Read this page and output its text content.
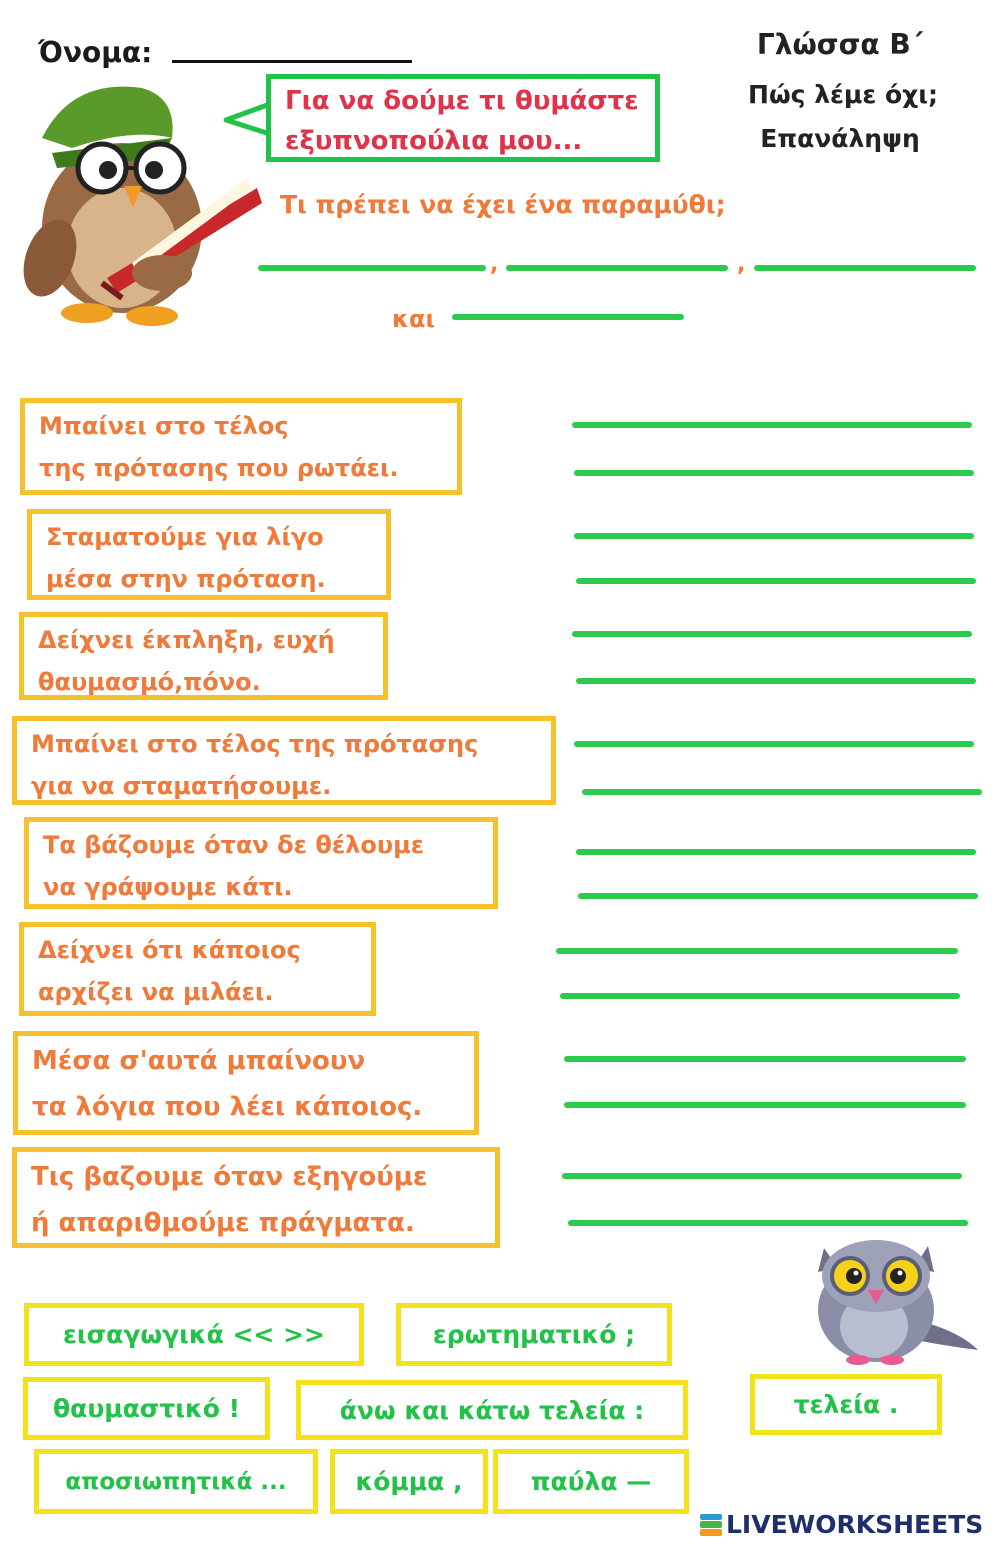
Όνομα:	Γλώσσα Β΄
Πώς λέμε όχι;
Επανάληψη
Για να δούμε τι θυμάστε
εξυπνοπούλια μου...
Τι πρέπει να έχει ένα παραμύθι;
,	,
και
Μπαίνει στο τέλος
της πρότασης που ρωτάει.
Σταματούμε για λίγο
μέσα στην πρόταση.
Δείχνει έκπληξη, ευχή
θαυμασμό,πόνο.
Μπαίνει στο τέλος της πρότασης
για να σταματήσουμε.
Τα βάζουμε όταν δε θέλουμε
να γράψουμε κάτι.
Δείχνει ότι κάποιος
αρχίζει να μιλάει.
Μέσα σ'αυτά μπαίνουν
τα λόγια που λέει κάποιος.
Τις βαζουμε όταν εξηγούμε
ή απαριθμούμε πράγματα.
εισαγωγικά << >>	ερωτηματικό ;
θαυμαστικό !	άνω και κάτω τελεία :	τελεία .
αποσιωπητικά ...	κόμμα ,	παύλα —
LIVEWORKSHEETS
